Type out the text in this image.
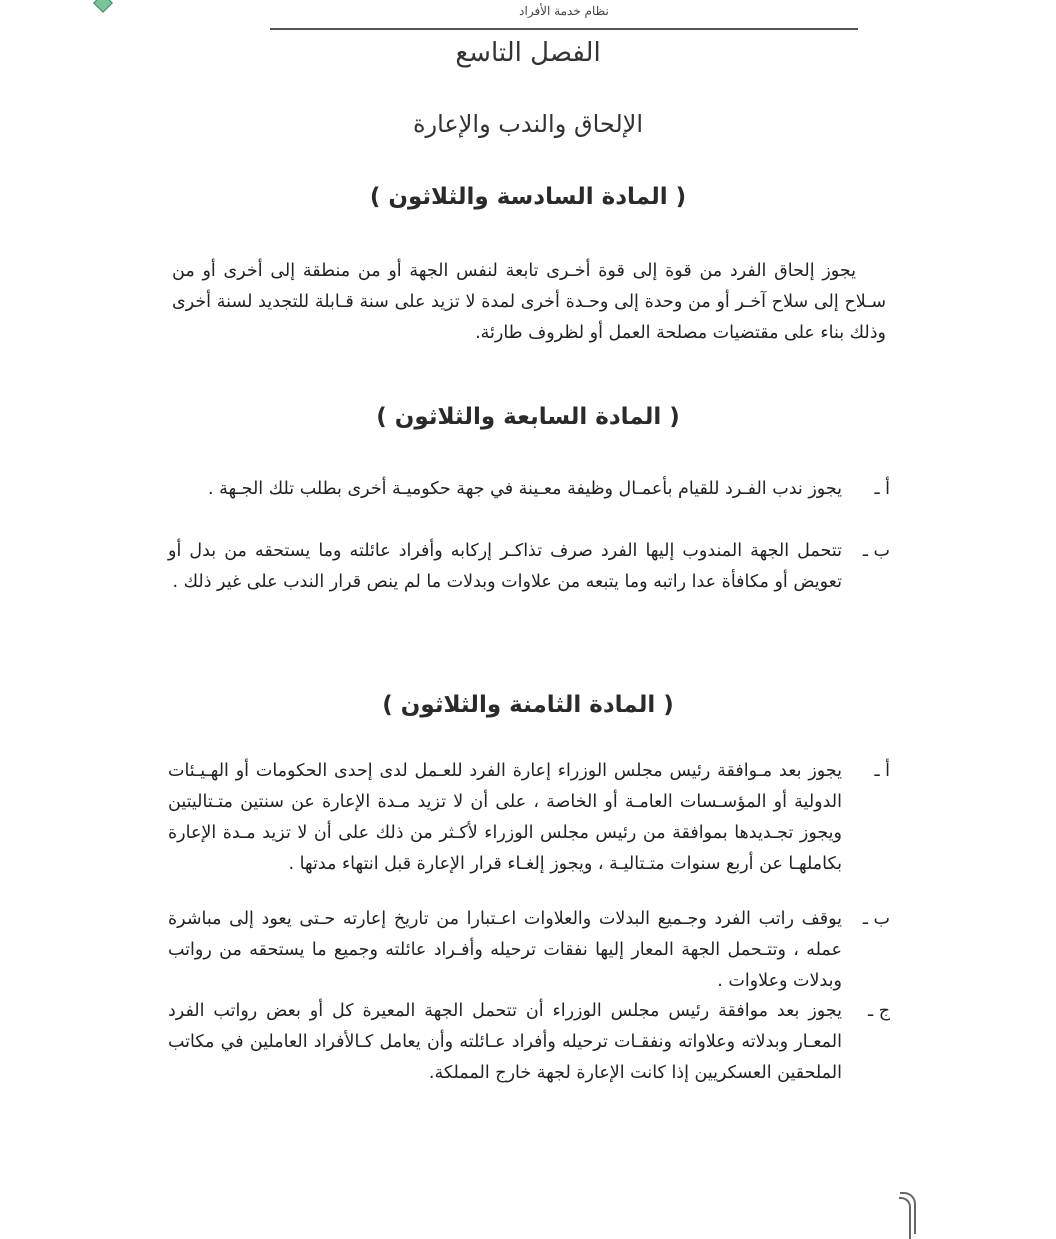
نظام خدمة الأفراد
الفصل التاسع
الإلحاق والندب والإعارة
( المادة السادسة والثلاثون )
يجوز إلحاق الفرد من قوة إلى قوة أخـرى تابعة لنفس الجهة أو من منطقة إلى أخرى أو من سـلاح إلى سلاح آخـر أو من وحدة إلى وحـدة أخرى لمدة لا تزيد على سنة قـابلة للتجديد لسنة أخرى وذلك بناء على مقتضيات مصلحة العمل أو لظروف طارئة.
( المادة السابعة والثلاثون )
أ ـ
يجوز ندب الفـرد للقيام بأعمـال وظيفة معـينة في جهة حكوميـة أخرى بطلب تلك الجـهة .
ب ـ
تتحمل الجهة المندوب إليها الفرد صرف تذاكـر إركابه وأفراد عائلته وما يستحقه من بدل أو تعويض أو مكافأة عدا راتبه وما يتبعه من علاوات وبدلات ما لم ينص قرار الندب على غير ذلك .
( المادة الثامنة والثلاثون )
أ ـ
يجوز بعد مـوافقة رئيس مجلس الوزراء إعارة الفرد للعـمل لدى إحدى الحكومات أو الهـيـئات الدولية أو المؤسـسات العامـة أو الخاصة ، على أن لا تزيد مـدة الإعارة عن سنتين متـتاليتين ويجوز تجـديدها بموافقة من رئيس مجلس الوزراء لأكـثر من ذلك على أن لا تزيد مـدة الإعارة بكاملهـا عن أربع سنوات متـتاليـة ، ويجوز إلغـاء قرار الإعارة قبل انتهاء مدتها .
ب ـ
يوقف راتب الفرد وجـميع البدلات والعلاوات اعـتبارا من تاريخ إعارته حـتى يعود إلى مباشرة عمله ، وتتـحمل الجهة المعار إليها نفقات ترحيله وأفـراد عائلته وجميع ما يستحقه من رواتب وبدلات وعلاوات .
ج ـ
يجوز بعد موافقة رئيس مجلس الوزراء أن تتحمل الجهة المعيرة كل أو بعض رواتب الفرد المعـار وبدلاته وعلاواته ونفقـات ترحيله وأفراد عـائلته وأن يعامل كـالأفراد العاملين في مكاتب الملحقين العسكريين إذا كانت الإعارة لجهة خارج المملكة.
